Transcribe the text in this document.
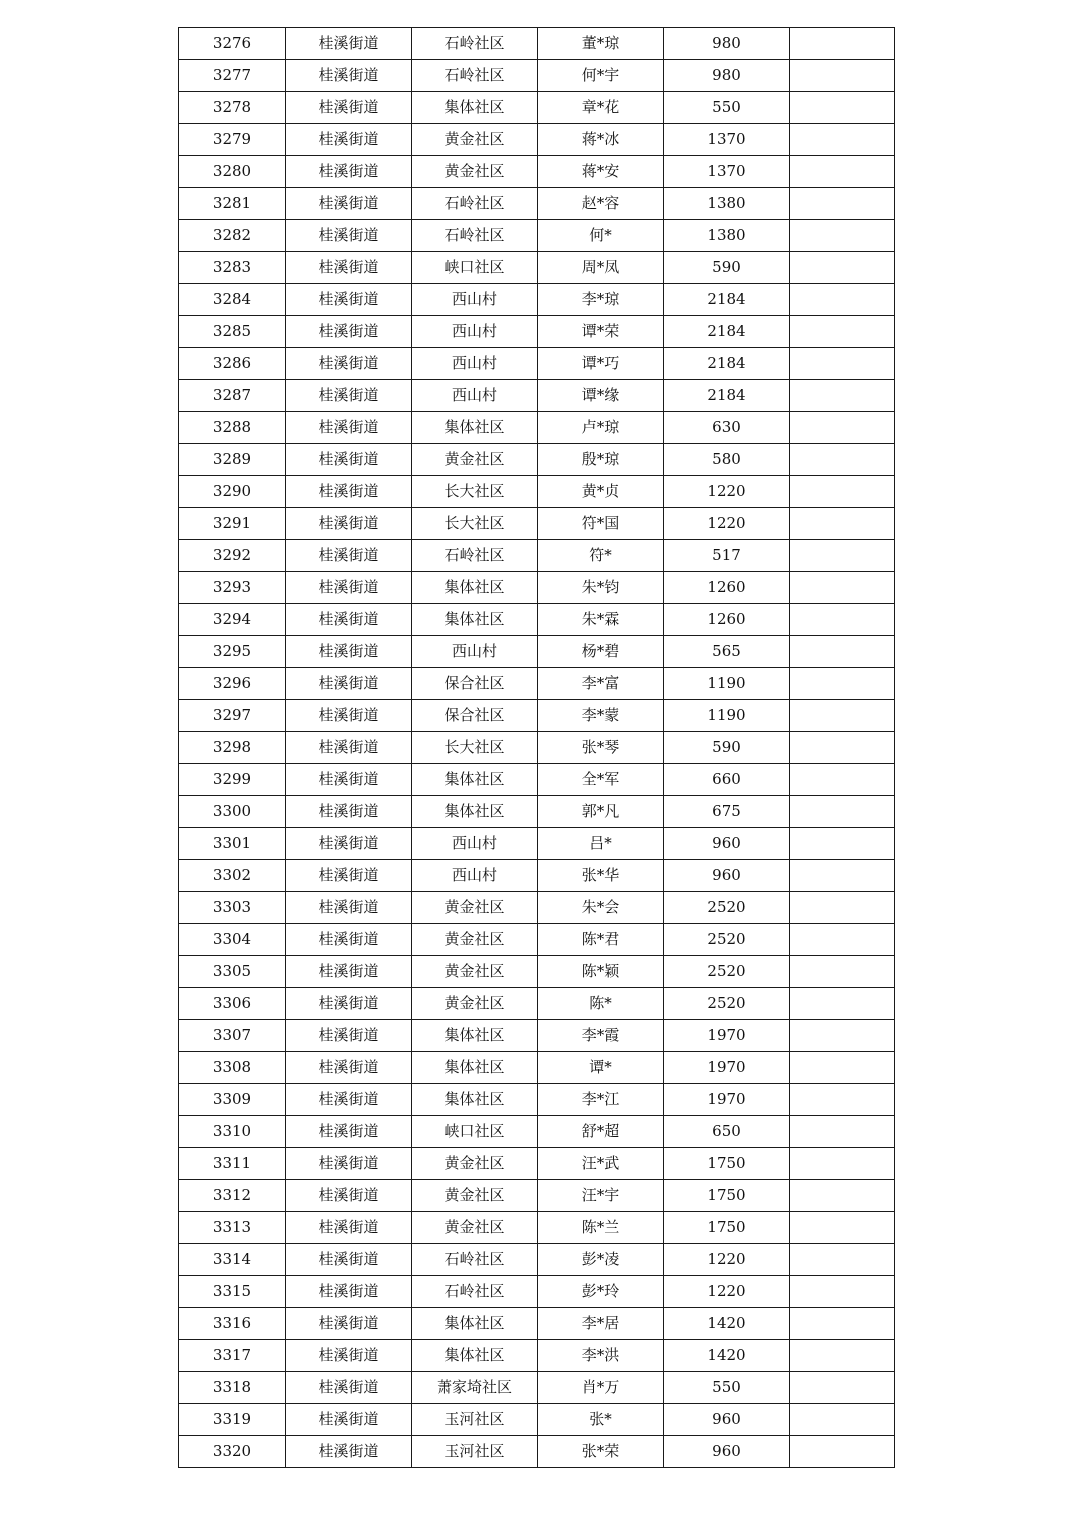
3276	桂溪街道	石岭社区	董*琼	980	
3277	桂溪街道	石岭社区	何*宇	980	
3278	桂溪街道	集体社区	章*花	550	
3279	桂溪街道	黄金社区	蒋*冰	1370	
3280	桂溪街道	黄金社区	蒋*安	1370	
3281	桂溪街道	石岭社区	赵*容	1380	
3282	桂溪街道	石岭社区	何*	1380	
3283	桂溪街道	峡口社区	周*凤	590	
3284	桂溪街道	西山村	李*琼	2184	
3285	桂溪街道	西山村	谭*荣	2184	
3286	桂溪街道	西山村	谭*巧	2184	
3287	桂溪街道	西山村	谭*缘	2184	
3288	桂溪街道	集体社区	卢*琼	630	
3289	桂溪街道	黄金社区	殷*琼	580	
3290	桂溪街道	长大社区	黄*贞	1220	
3291	桂溪街道	长大社区	符*国	1220	
3292	桂溪街道	石岭社区	符*	517	
3293	桂溪街道	集体社区	朱*钧	1260	
3294	桂溪街道	集体社区	朱*霖	1260	
3295	桂溪街道	西山村	杨*碧	565	
3296	桂溪街道	保合社区	李*富	1190	
3297	桂溪街道	保合社区	李*蒙	1190	
3298	桂溪街道	长大社区	张*琴	590	
3299	桂溪街道	集体社区	全*军	660	
3300	桂溪街道	集体社区	郭*凡	675	
3301	桂溪街道	西山村	吕*	960	
3302	桂溪街道	西山村	张*华	960	
3303	桂溪街道	黄金社区	朱*会	2520	
3304	桂溪街道	黄金社区	陈*君	2520	
3305	桂溪街道	黄金社区	陈*颖	2520	
3306	桂溪街道	黄金社区	陈*	2520	
3307	桂溪街道	集体社区	李*霞	1970	
3308	桂溪街道	集体社区	谭*	1970	
3309	桂溪街道	集体社区	李*江	1970	
3310	桂溪街道	峡口社区	舒*超	650	
3311	桂溪街道	黄金社区	汪*武	1750	
3312	桂溪街道	黄金社区	汪*宇	1750	
3313	桂溪街道	黄金社区	陈*兰	1750	
3314	桂溪街道	石岭社区	彭*凌	1220	
3315	桂溪街道	石岭社区	彭*玲	1220	
3316	桂溪街道	集体社区	李*居	1420	
3317	桂溪街道	集体社区	李*洪	1420	
3318	桂溪街道	萧家埼社区	肖*万	550	
3319	桂溪街道	玉河社区	张*	960	
3320	桂溪街道	玉河社区	张*荣	960	
